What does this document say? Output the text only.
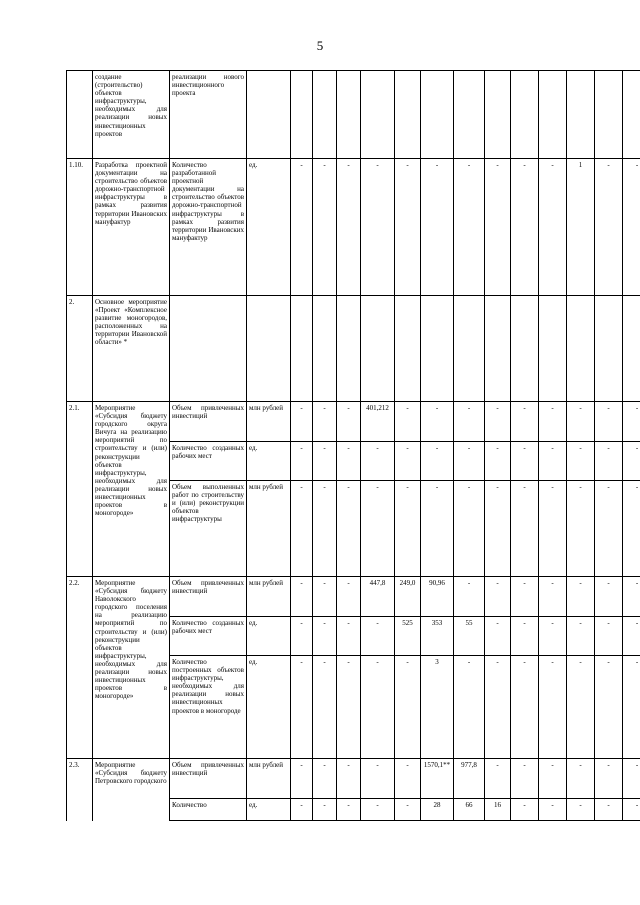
5
	создание (строительство) объектов инфраструктуры, необходимых для реализации новых инвестиционных проектов	реализации нового инвестиционного проекта														
1.10.	Разработка проектной документации на строительство объектов дорожно-транспортной инфраструктуры в рамках развития территории Ивановских мануфактур	Количество разработанной проектной документации на строительство объектов дорожно-транспортной инфраструктуры в рамках развития территории Ивановских мануфактур	ед.	-	-	-	-	-	-	-	-	-	-	1	-	-
2.	Основное мероприятие «Проект «Комплексное развитие моногородов, расположенных на территории Ивановской области» *															
2.1.	Мероприятие «Субсидия бюджету городского округа Вичуга на реализацию мероприятий по строительству и (или) реконструкции объектов инфраструктуры, необходимых для реализации новых инвестиционных проектов в моногороде»	Объем привлеченных инвестиций	млн рублей	-	-	-	401,212	-	-	-	-	-	-	-	-	-
		Количество созданных рабочих мест	ед.	-	-	-	-	-	-	-	-	-	-	-	-	-
		Объем выполненных работ по строительству и (или) реконструкции объектов инфраструктуры	млн рублей	-	-	-	-	-	-	-	-	-	-	-	-	-
2.2.	Мероприятие «Субсидия бюджету Наволокского городского поселения на реализацию мероприятий по строительству и (или) реконструкции объектов инфраструктуры, необходимых для реализации новых инвестиционных проектов в моногороде»	Объем привлеченных инвестиций	млн рублей	-	-	-	447,8	249,0	90,96	-	-	-	-	-	-	-
		Количество созданных рабочих мест	ед.	-	-	-	-	525	353	55	-	-	-	-	-	-
		Количество построенных объектов инфраструктуры, необходимых для реализации новых инвестиционных проектов в моногороде	ед.	-	-	-	-	-	3	-	-	-	-	-	-	-
2.3.	Мероприятие «Субсидия бюджету Петровского городского	Объем привлеченных инвестиций	млн рублей	-	-	-	-	-	1570,1**	977,8	-	-	-	-	-	-
		Количество	ед.	-	-	-	-	-	28	66	16	-	-	-	-	-
